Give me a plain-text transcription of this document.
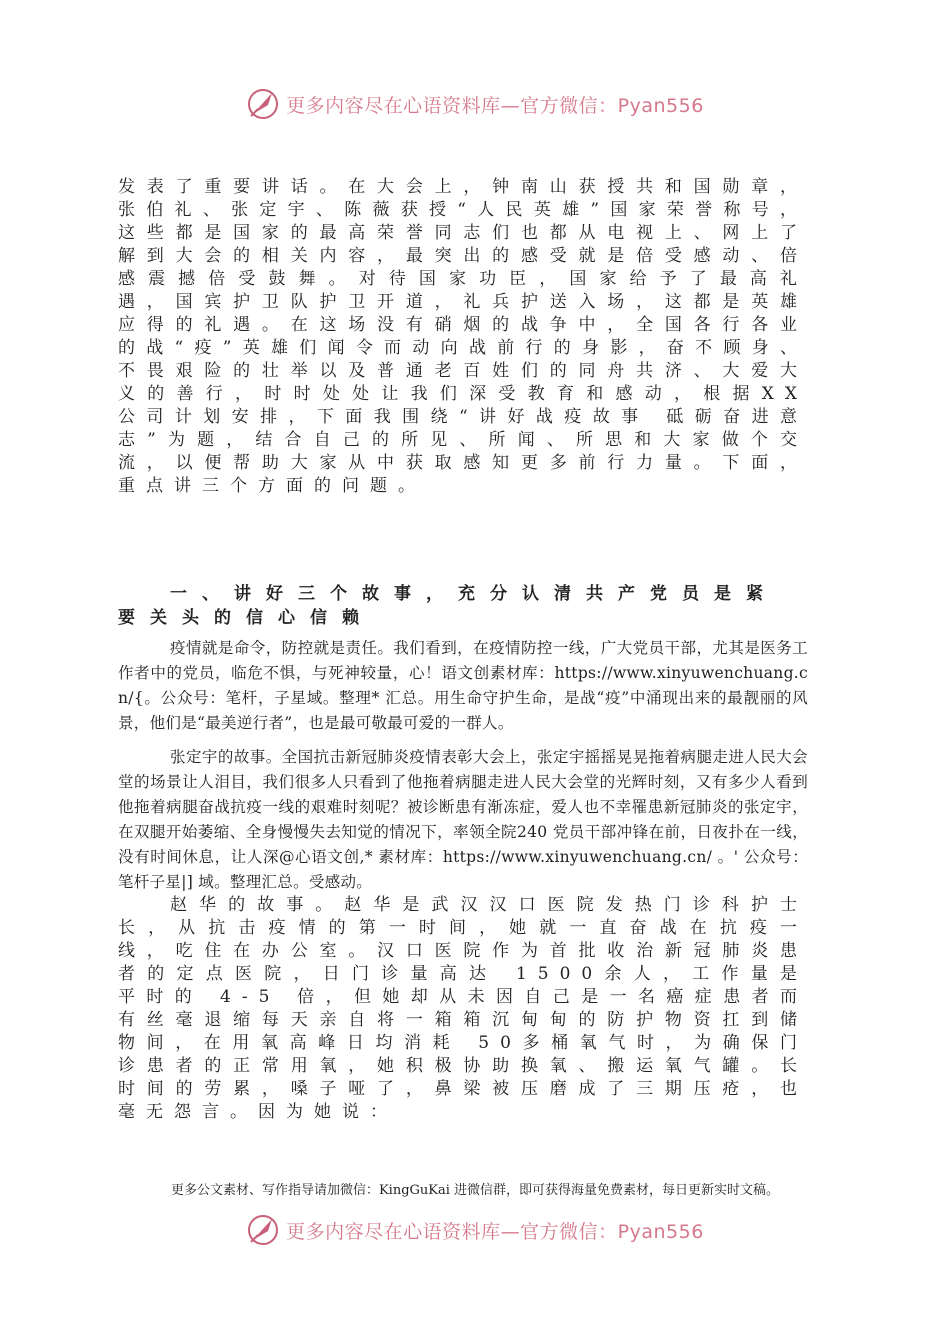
更多内容尽在心语资料库—官方微信：Pyan556
发表了重要讲话。在大会上，钟南山获授共和国勋章，张伯礼、张定宇、陈薇获授“人民英雄”国家荣誉称号，这些都是国家的最高荣誉同志们也都从电视上、网上了解到大会的相关内容，最突出的感受就是倍受感动、倍感震撼倍受鼓舞。对待国家功臣，国家给予了最高礼遇，国宾护卫队护卫开道，礼兵护送入场，这都是英雄应得的礼遇。在这场没有硝烟的战争中，全国各行各业的战“疫”英雄们闻令而动向战前行的身影，奋不顾身、不畏艰险的壮举以及普通老百姓们的同舟共济、大爱大义的善行，时时处处让我们深受教育和感动，根据XX公司计划安排，下面我围绕“讲好战疫故事 砥砺奋进意志”为题，结合自己的所见、所闻、所思和大家做个交流，以便帮助大家从中获取感知更多前行力量。下面，重点讲三个方面的问题。
一、讲好三个故事，充分认清共产党员是紧要关头的信心信赖
疫情就是命令，防控就是责任。我们看到，在疫情防控一线，广大党员干部，尤其是医务工作者中的党员，临危不惧，与死神较量，心！语文创素材库：https://www.xinyuwenchuang.cn/{。公众号：笔杆，子星域。整理* 汇总。用生命守护生命，是战“疫”中涌现出来的最靓丽的风景，他们是“最美逆行者”，也是最可敬最可爱的一群人。
张定宇的故事。全国抗击新冠肺炎疫情表彰大会上，张定宇摇摇晃晃拖着病腿走进人民大会堂的场景让人泪目，我们很多人只看到了他拖着病腿走进人民大会堂的光辉时刻，又有多少人看到他拖着病腿奋战抗疫一线的艰难时刻呢？被诊断患有渐冻症，爱人也不幸罹患新冠肺炎的张定宇，在双腿开始萎缩、全身慢慢失去知觉的情况下，率领全院240 党员干部冲锋在前，日夜扑在一线，没有时间休息，让人深@心语文创,* 素材库：https://www.xinyuwenchuang.cn/ 。' 公众号：笔杆子星|] 域。整理汇总。受感动。
赵华的故事。赵华是武汉汉口医院发热门诊科护士长，从抗击疫情的第一时间，她就一直奋战在抗疫一线，吃住在办公室。汉口医院作为首批收治新冠肺炎患者的定点医院，日门诊量高达 1500余人，工作量是平时的 4-5 倍，但她却从未因自己是一名癌症患者而有丝毫退缩每天亲自将一箱箱沉甸甸的防护物资扛到储物间，在用氧高峰日均消耗 50多桶氧气时，为确保门诊患者的正常用氧，她积极协助换氧、搬运氧气罐。长时间的劳累，嗓子哑了，鼻梁被压磨成了三期压疮，也毫无怨言。因为她说：
更多公文素材、写作指导请加微信：KingGuKai 进微信群，即可获得海量免费素材，每日更新实时文稿。
更多内容尽在心语资料库—官方微信：Pyan556
